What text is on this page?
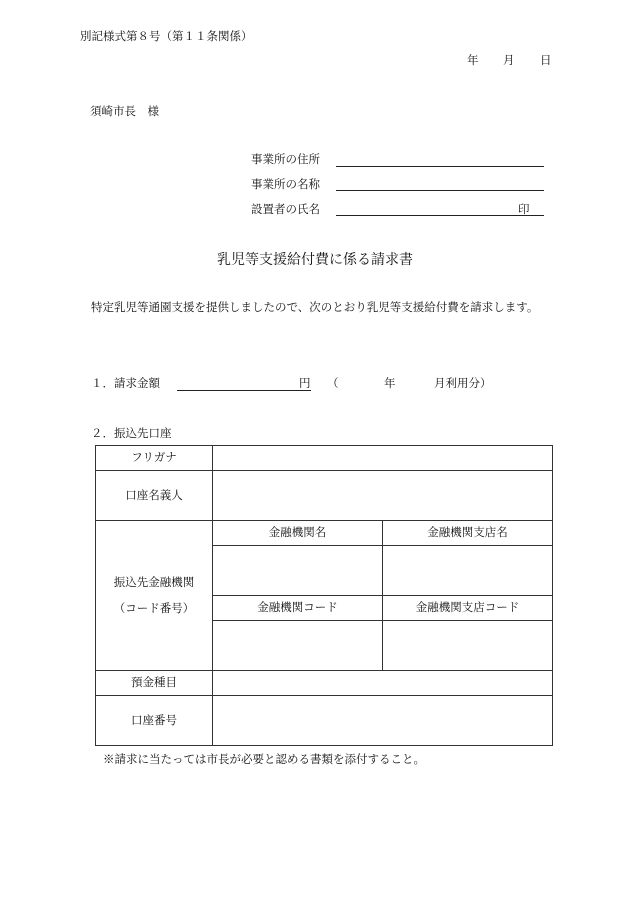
別記様式第８号（第１１条関係）
年 月 日
須崎市長　様
事業所の住所
事業所の名称
設置者の氏名	印
乳児等支援給付費に係る請求書
特定乳児等通園支援を提供しましたので、次のとおり乳児等支援給付費を請求します。
１．請求金額	円 （	年	月利用分）
２．振込先口座
フリガナ		
口座名義人		

振込先金融機関
（コード番号）	金融機関名	金融機関支店名

	金融機関コード	金融機関支店コード

預金種目		
口座番号		
※請求に当たっては市長が必要と認める書類を添付すること。
